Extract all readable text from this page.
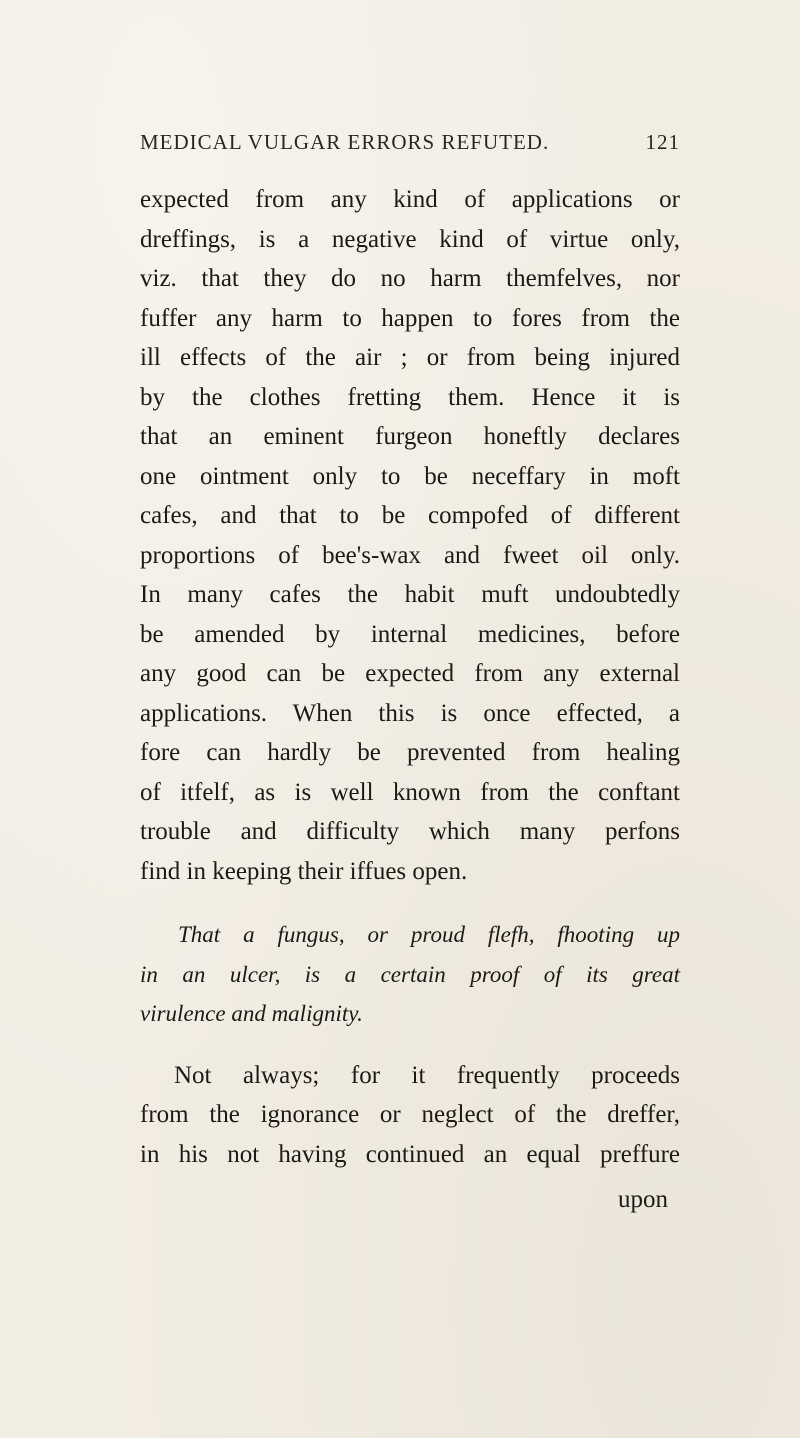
MEDICAL VULGAR ERRORS REFUTED.	121
expected from any kind of applications or
dreffings, is a negative kind of virtue only,
viz. that they do no harm themfelves, nor
fuffer any harm to happen to fores from the
ill effects of the air ; or from being injured
by the clothes fretting them. Hence it is
that an eminent furgeon honeftly declares
one ointment only to be neceffary in moft
cafes, and that to be compofed of different
proportions of bee's-wax and fweet oil only.
In many cafes the habit muft undoubtedly
be amended by internal medicines, before
any good can be expected from any external
applications. When this is once effected, a
fore can hardly be prevented from healing
of itfelf, as is well known from the conftant
trouble and difficulty which many perfons
find in keeping their iffues open.
That a fungus, or proud flefh, fhooting up
in an ulcer, is a certain proof of its great
virulence and malignity.
Not always; for it frequently proceeds
from the ignorance or neglect of the dreffer,
in his not having continued an equal preffure
upon
